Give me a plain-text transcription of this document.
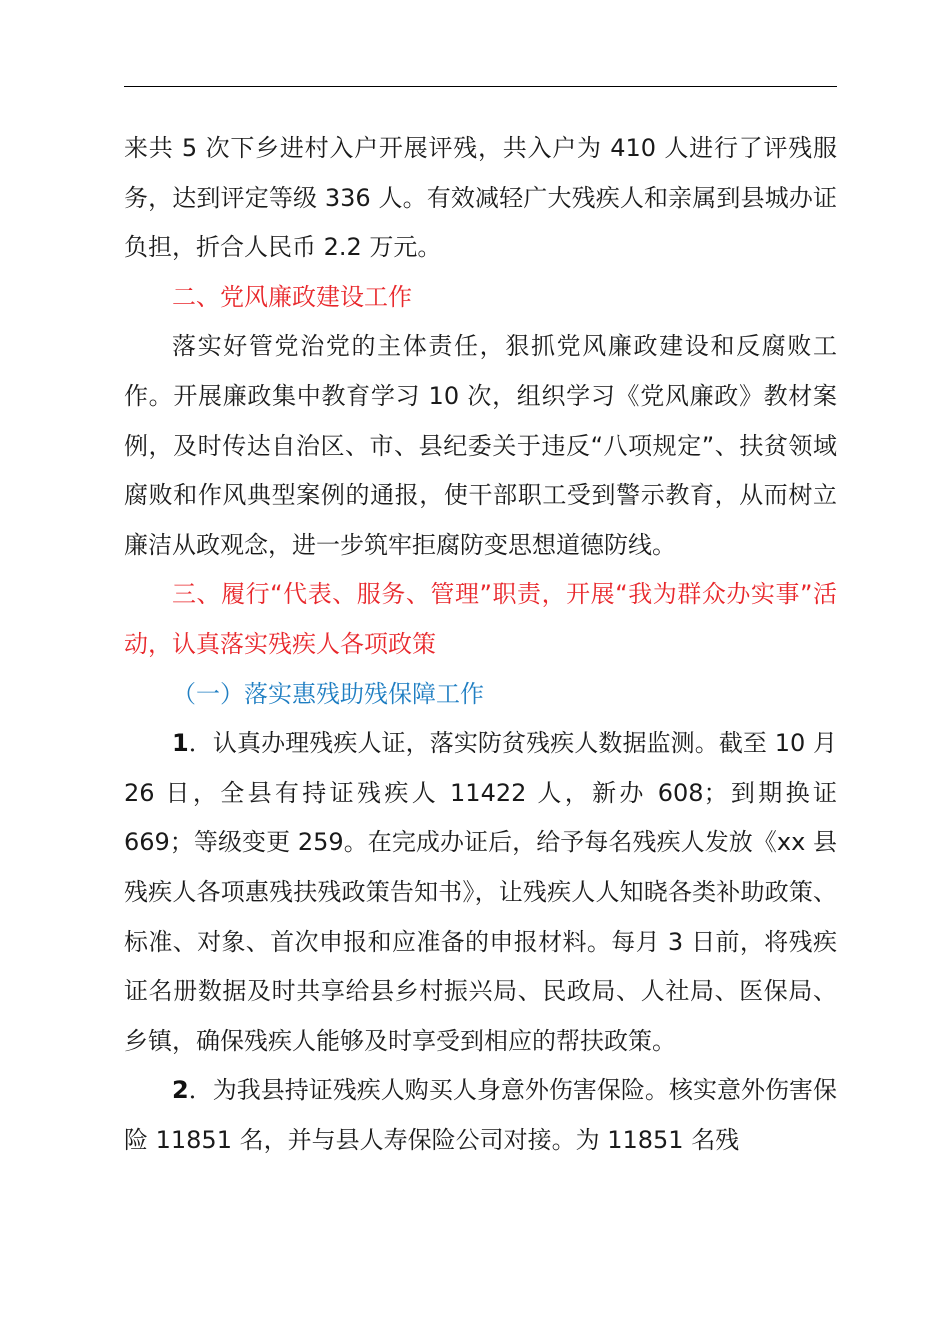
来共 5 次下乡进村入户开展评残，共入户为 410 人进行了评残服务，达到评定等级 336 人。有效减轻广大残疾人和亲属到县城办证负担，折合人民币 2.2 万元。

二、党风廉政建设工作

落实好管党治党的主体责任，狠抓党风廉政建设和反腐败工作。开展廉政集中教育学习 10 次，组织学习《党风廉政》教材案例，及时传达自治区、市、县纪委关于违反“八项规定”、扶贫领域腐败和作风典型案例的通报，使干部职工受到警示教育，从而树立廉洁从政观念，进一步筑牢拒腐防变思想道德防线。

三、履行“代表、服务、管理”职责，开展“我为群众办实事”活动，认真落实残疾人各项政策

（一）落实惠残助残保障工作

1．认真办理残疾人证，落实防贫残疾人数据监测。截至 10 月 26 日，全县有持证残疾人 11422 人，新办 608；到期换证 669；等级变更 259。在完成办证后，给予每名残疾人发放《xx 县残疾人各项惠残扶残政策告知书》，让残疾人人知晓各类补助政策、标准、对象、首次申报和应准备的申报材料。每月 3 日前，将残疾证名册数据及时共享给县乡村振兴局、民政局、人社局、医保局、乡镇，确保残疾人能够及时享受到相应的帮扶政策。

2．为我县持证残疾人购买人身意外伤害保险。核实意外伤害保险 11851 名，并与县人寿保险公司对接。为 11851 名残
